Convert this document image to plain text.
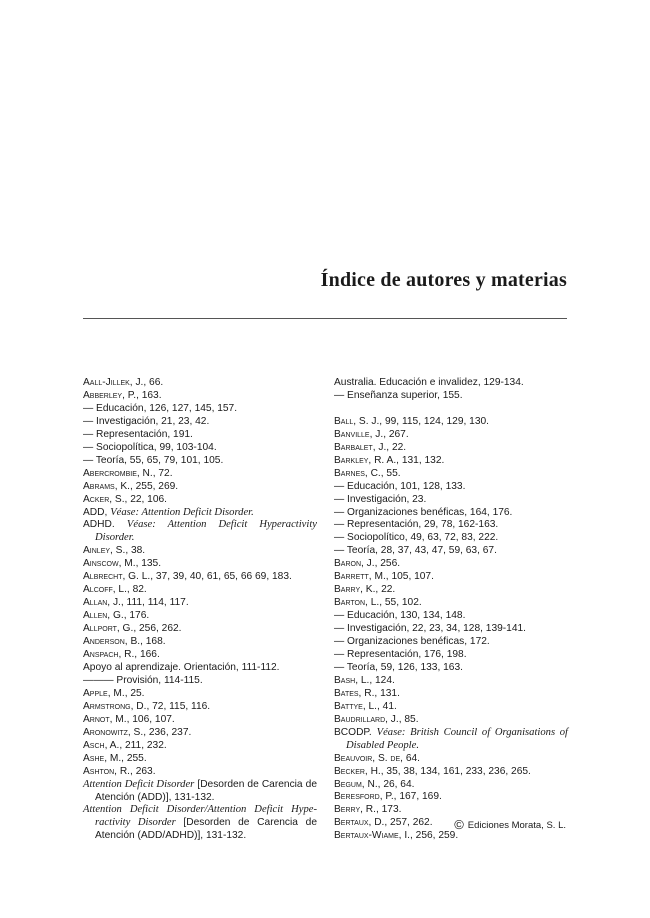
Índice de autores y materias
Aall-Jillek, J., 66.
Abberley, P., 163.
— Educación, 126, 127, 145, 157.
— Investigación, 21, 23, 42.
— Representación, 191.
— Sociopolítica, 99, 103-104.
— Teoría, 55, 65, 79, 101, 105.
Abercrombie, N., 72.
Abrams, K., 255, 269.
Acker, S., 22, 106.
ADD, Véase: Attention Deficit Disorder.
ADHD. Véase: Attention Deficit Hyperactivity Disorder.
Ainley, S., 38.
Ainscow, M., 135.
Albrecht, G. L., 37, 39, 40, 61, 65, 66 69, 183.
Alcoff, L., 82.
Allan, J., 111, 114, 117.
Allen, G., 176.
Allport, G., 256, 262.
Anderson, B., 168.
Anspach, R., 166.
Apoyo al aprendizaje. Orientación, 111-112.
——— Provisión, 114-115.
Apple, M., 25.
Armstrong, D., 72, 115, 116.
Arnot, M., 106, 107.
Aronowitz, S., 236, 237.
Asch, A., 211, 232.
Ashe, M., 255.
Ashton, R., 263.
Attention Deficit Disorder [Desorden de Carencia de Atención (ADD)], 131-132.
Attention Deficit Disorder/Attention Deficit Hype-ractivity Disorder [Desorden de Carencia de Atención (ADD/ADHD)], 131-132.
Australia. Educación e invalidez, 129-134.
— Enseñanza superior, 155.
Ball, S. J., 99, 115, 124, 129, 130.
Banville, J., 267.
Barbalet, J., 22.
Barkley, R. A., 131, 132.
Barnes, C., 55.
— Educación, 101, 128, 133.
— Investigación, 23.
— Organizaciones benéficas, 164, 176.
— Representación, 29, 78, 162-163.
— Sociopolítico, 49, 63, 72, 83, 222.
— Teoría, 28, 37, 43, 47, 59, 63, 67.
Baron, J., 256.
Barrett, M., 105, 107.
Barry, K., 22.
Barton, L., 55, 102.
— Educación, 130, 134, 148.
— Investigación, 22, 23, 34, 128, 139-141.
— Organizaciones benéficas, 172.
— Representación, 176, 198.
— Teoría, 59, 126, 133, 163.
Bash, L., 124.
Bates, R., 131.
Battye, L., 41.
Baudrillard, J., 85.
BCODP. Véase: British Council of Organisations of Disabled People.
Beauvoir, S. de, 64.
Becker, H., 35, 38, 134, 161, 233, 236, 265.
Begum, N., 26, 64.
Beresford, P., 167, 169.
Berry, R., 173.
Bertaux, D., 257, 262.
Bertaux-Wiame, I., 256, 259.
© Ediciones Morata, S. L.
